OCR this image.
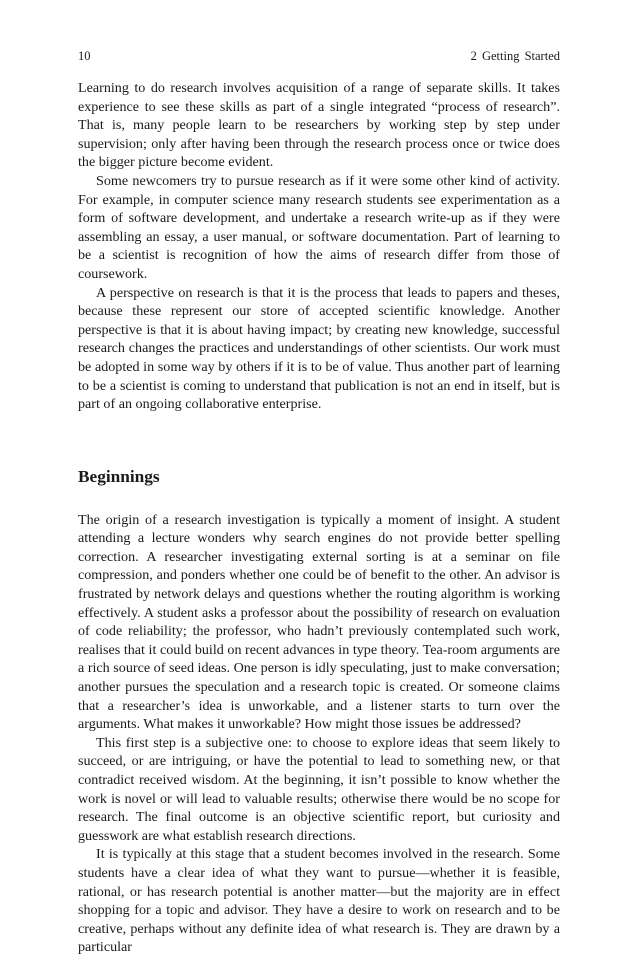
10	2 Getting Started

Learning to do research involves acquisition of a range of separate skills. It takes experience to see these skills as part of a single integrated “process of research”. That is, many people learn to be researchers by working step by step under supervision; only after having been through the research process once or twice does the bigger picture become evident.

Some newcomers try to pursue research as if it were some other kind of activity. For example, in computer science many research students see experimentation as a form of software development, and undertake a research write-up as if they were assembling an essay, a user manual, or software documentation. Part of learning to be a scientist is recognition of how the aims of research differ from those of coursework.

A perspective on research is that it is the process that leads to papers and theses, because these represent our store of accepted scientific knowledge. Another perspective is that it is about having impact; by creating new knowledge, successful research changes the practices and understandings of other scientists. Our work must be adopted in some way by others if it is to be of value. Thus another part of learning to be a scientist is coming to understand that publication is not an end in itself, but is part of an ongoing collaborative enterprise.

Beginnings

The origin of a research investigation is typically a moment of insight. A student attending a lecture wonders why search engines do not provide better spelling correction. A researcher investigating external sorting is at a seminar on file compression, and ponders whether one could be of benefit to the other. An advisor is frustrated by network delays and questions whether the routing algorithm is working effectively. A student asks a professor about the possibility of research on evaluation of code reliability; the professor, who hadn’t previously contemplated such work, realises that it could build on recent advances in type theory. Tea-room arguments are a rich source of seed ideas. One person is idly speculating, just to make conversation; another pursues the speculation and a research topic is created. Or someone claims that a researcher’s idea is unworkable, and a listener starts to turn over the arguments. What makes it unworkable? How might those issues be addressed?

This first step is a subjective one: to choose to explore ideas that seem likely to succeed, or are intriguing, or have the potential to lead to something new, or that contradict received wisdom. At the beginning, it isn’t possible to know whether the work is novel or will lead to valuable results; otherwise there would be no scope for research. The final outcome is an objective scientific report, but curiosity and guesswork are what establish research directions.

It is typically at this stage that a student becomes involved in the research. Some students have a clear idea of what they want to pursue—whether it is feasible, rational, or has research potential is another matter—but the majority are in effect shopping for a topic and advisor. They have a desire to work on research and to be creative, perhaps without any definite idea of what research is. They are drawn by a particular
